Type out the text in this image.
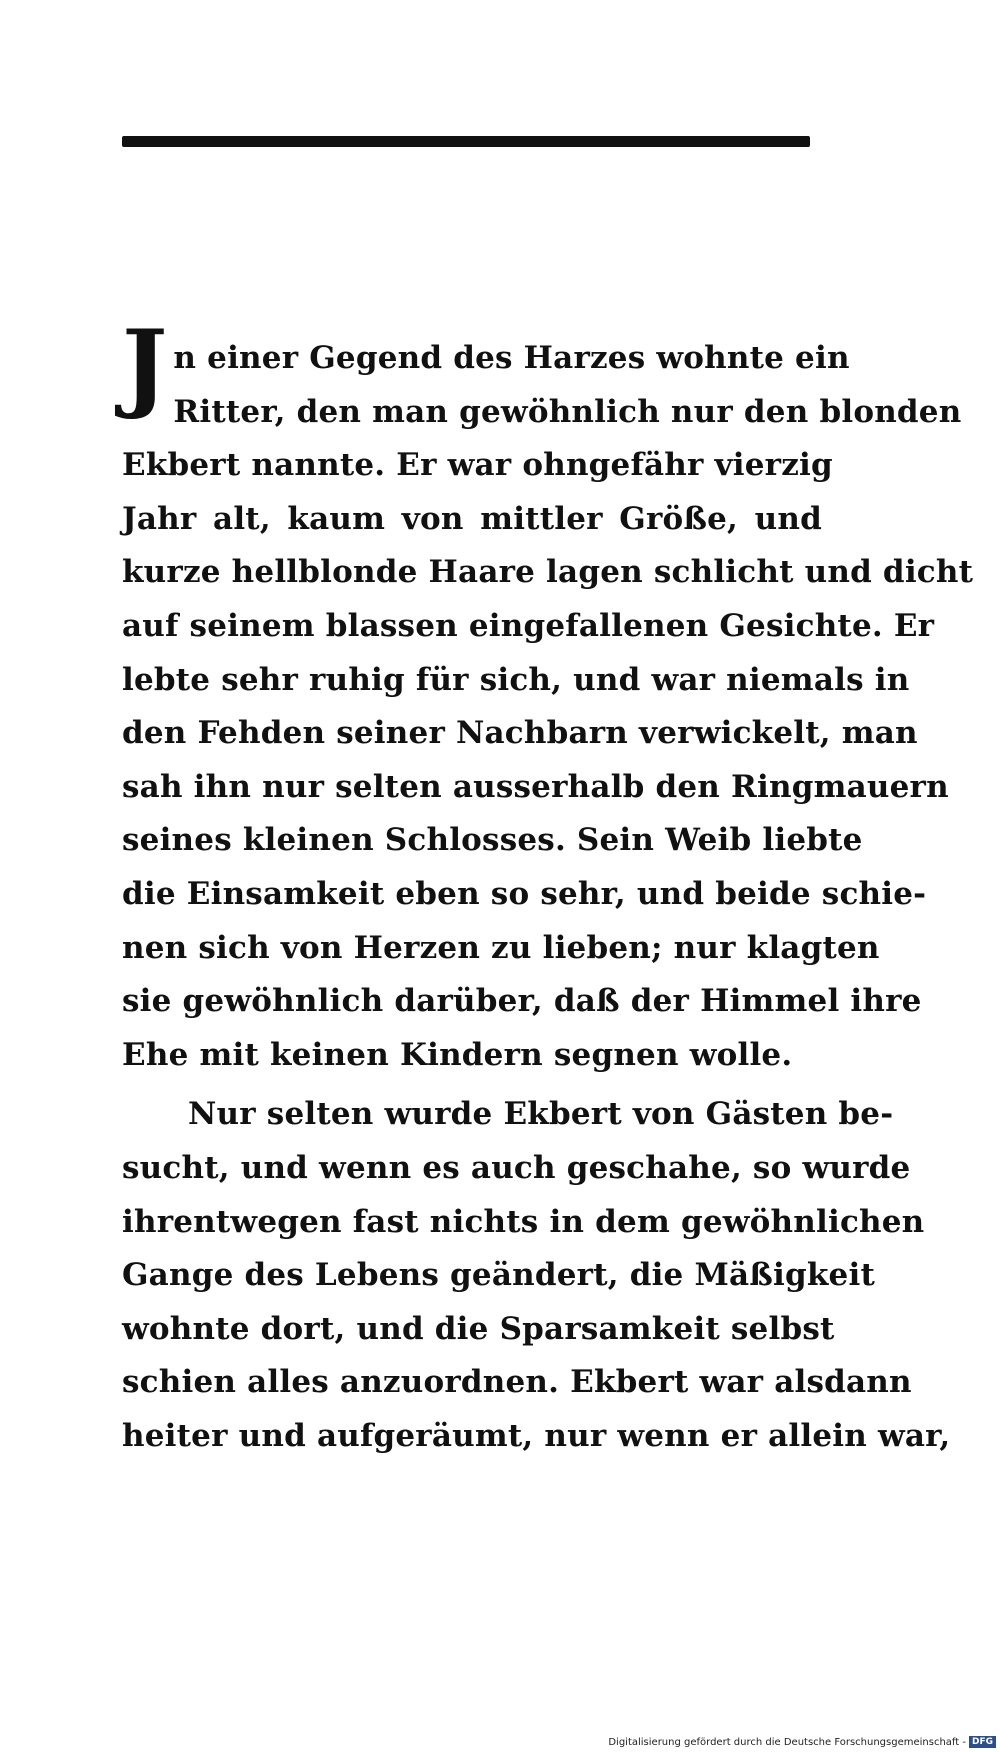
J n einer Gegend des Harzes wohnte ein
Ritter, den man gewöhnlich nur den blonden
Ekbert nannte. Er war ohngefähr vierzig
Jahr alt, kaum von mittler Größe, und
kurze hellblonde Haare lagen schlicht und dicht
auf seinem blassen eingefallenen Gesichte. Er
lebte sehr ruhig für sich, und war niemals in
den Fehden seiner Nachbarn verwickelt, man
sah ihn nur selten ausserhalb den Ringmauern
seines kleinen Schlosses. Sein Weib liebte
die Einsamkeit eben so sehr, und beide schie-
nen sich von Herzen zu lieben; nur klagten
sie gewöhnlich darüber, daß der Himmel ihre
Ehe mit keinen Kindern segnen wolle.
Nur selten wurde Ekbert von Gästen be-
sucht, und wenn es auch geschahe, so wurde
ihrentwegen fast nichts in dem gewöhnlichen
Gange des Lebens geändert, die Mäßigkeit
wohnte dort, und die Sparsamkeit selbst
schien alles anzuordnen. Ekbert war alsdann
heiter und aufgeräumt, nur wenn er allein war,
Digitalisierung gefördert durch die Deutsche Forschungsgemeinschaft - DFG
